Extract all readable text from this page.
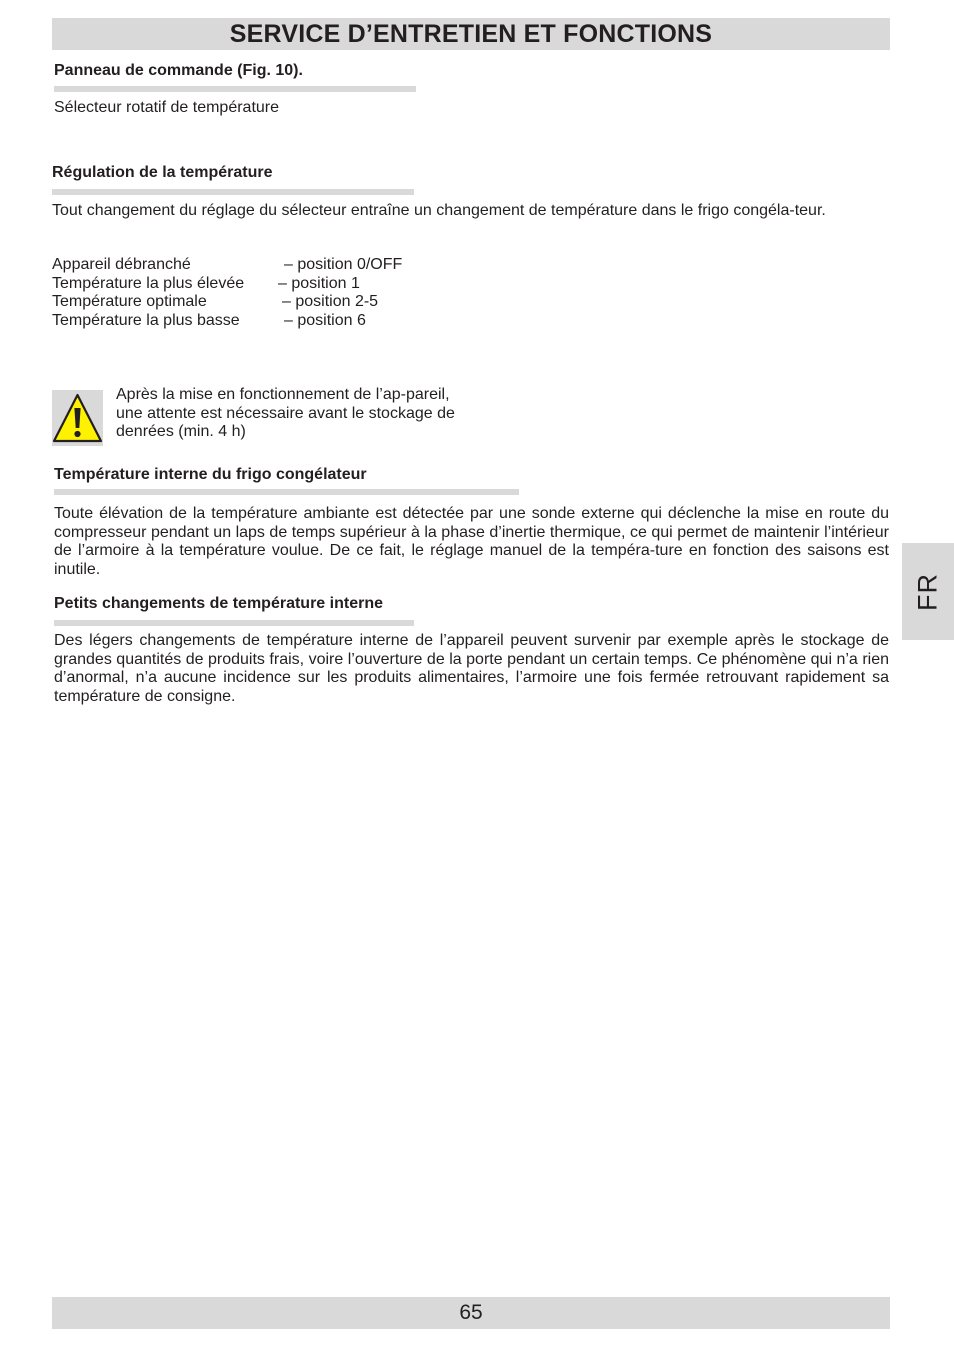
SERVICE D’ENTRETIEN ET FONCTIONS
Panneau de commande (Fig. 10).
Sélecteur rotatif de température
Régulation de la température
Tout changement du réglage du sélecteur entraîne un changement de température dans le frigo congéla-teur.
Appareil débranché	– position 0/OFF
Température la plus élevée – position 1
Température optimale	– position 2-5
Température la plus basse	– position 6
Après la mise en fonctionnement de l’ap-pareil, une attente est nécessaire avant le stockage de denrées (min. 4 h)
Température interne du frigo congélateur
Toute élévation de la température ambiante est détectée par une sonde externe qui déclenche la mise en route du compresseur pendant un laps de temps supérieur à la phase d’inertie thermique, ce qui permet de maintenir l’intérieur de l’armoire à la température voulue. De ce fait, le réglage manuel de la tempéra-ture en fonction des saisons est inutile.
Petits changements de température interne
Des légers changements de température interne de l’appareil peuvent survenir par exemple après le stockage de grandes quantités de produits frais, voire l’ouverture de la porte pendant un certain temps. Ce phénomène qui n’a rien d’anormal, n’a aucune incidence sur les produits alimentaires, l’armoire une fois fermée retrouvant rapidement sa température de consigne.
FR
65
